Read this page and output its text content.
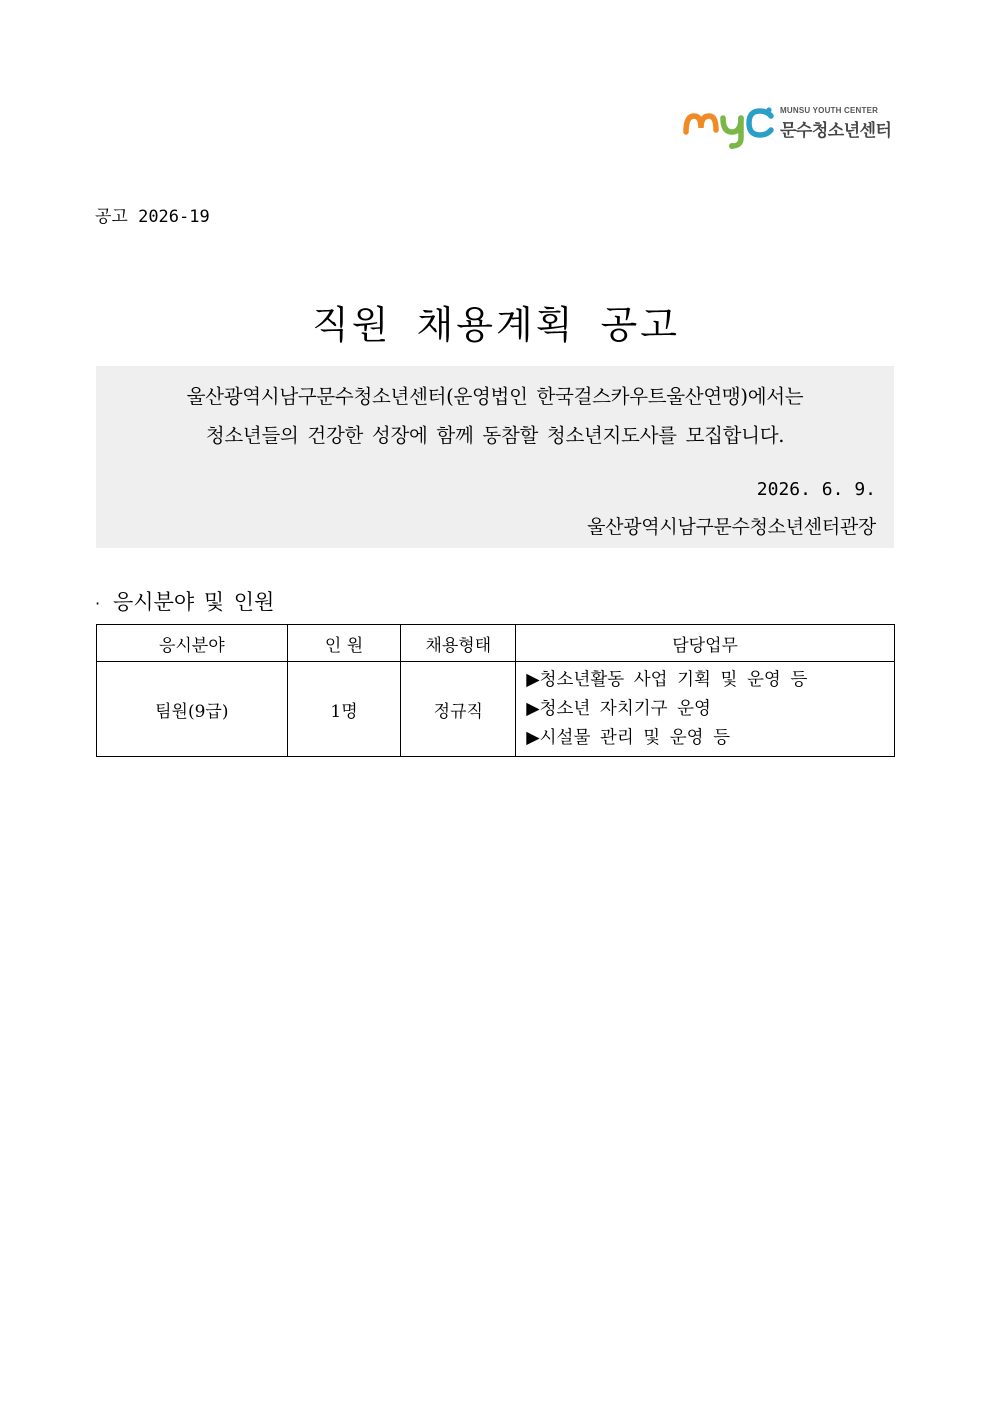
MUNSU YOUTH CENTER
문수청소년센터
공고 2026-19
직원 채용계획 공고
울산광역시남구문수청소년센터(운영법인 한국걸스카우트울산연맹)에서는
청소년들의 건강한 성장에 함께 동참할 청소년지도사를 모집합니다.
2026. 6. 9.
울산광역시남구문수청소년센터관장
· 응시분야 및 인원
응시분야	인 원	채용형태	담당업무
팀원(9급)	1명	정규직	▶청소년활동 사업 기획 및 운영 등
▶청소년 자치기구 운영
▶시설물 관리 및 운영 등
